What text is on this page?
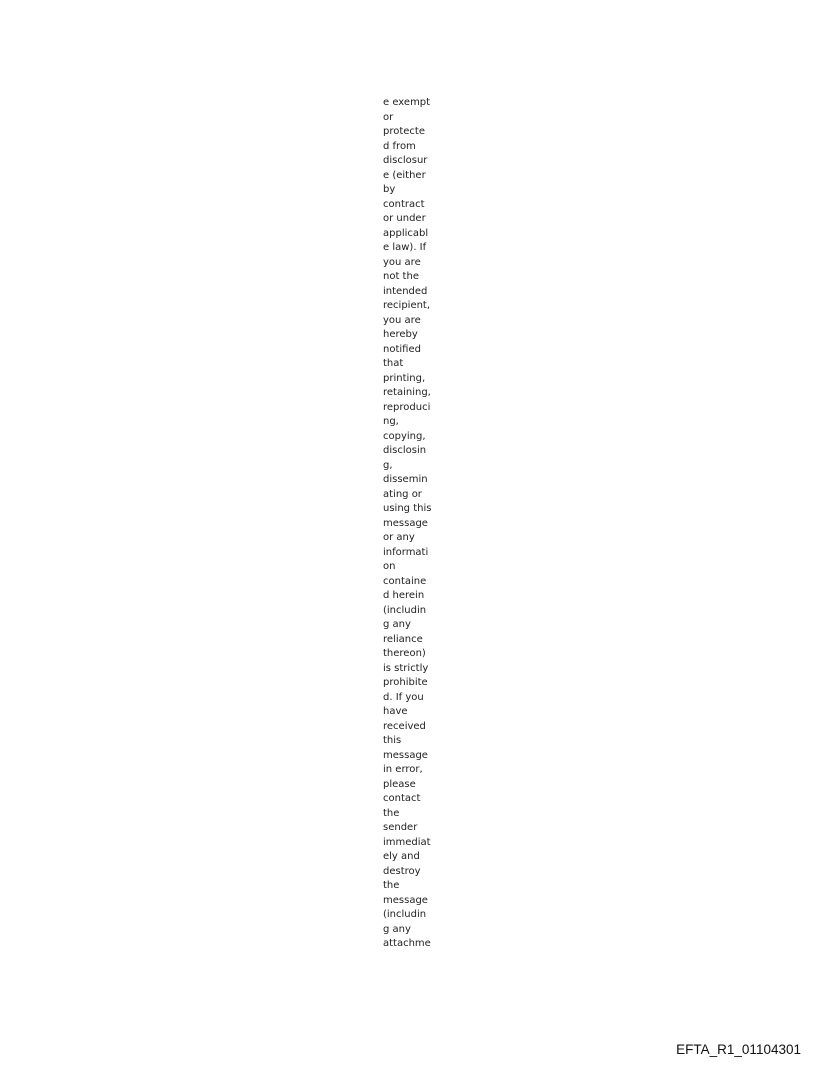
e exempt
or
protecte
d from
disclosur
e (either
by
contract
or under
applicabl
e law). If
you are
not the
intended
recipient,
you are
hereby
notified
that
printing,
retaining,
reproduci
ng,
copying,
disclosin
g,
dissemin
ating or
using this
message
or any
informati
on
containe
d herein
(includin
g any
reliance
thereon)
is strictly
prohibite
d. If you
have
received
this
message
in error,
please
contact
the
sender
immediat
ely and
destroy
the
message
(includin
g any
attachme

EFTA_R1_01104301
